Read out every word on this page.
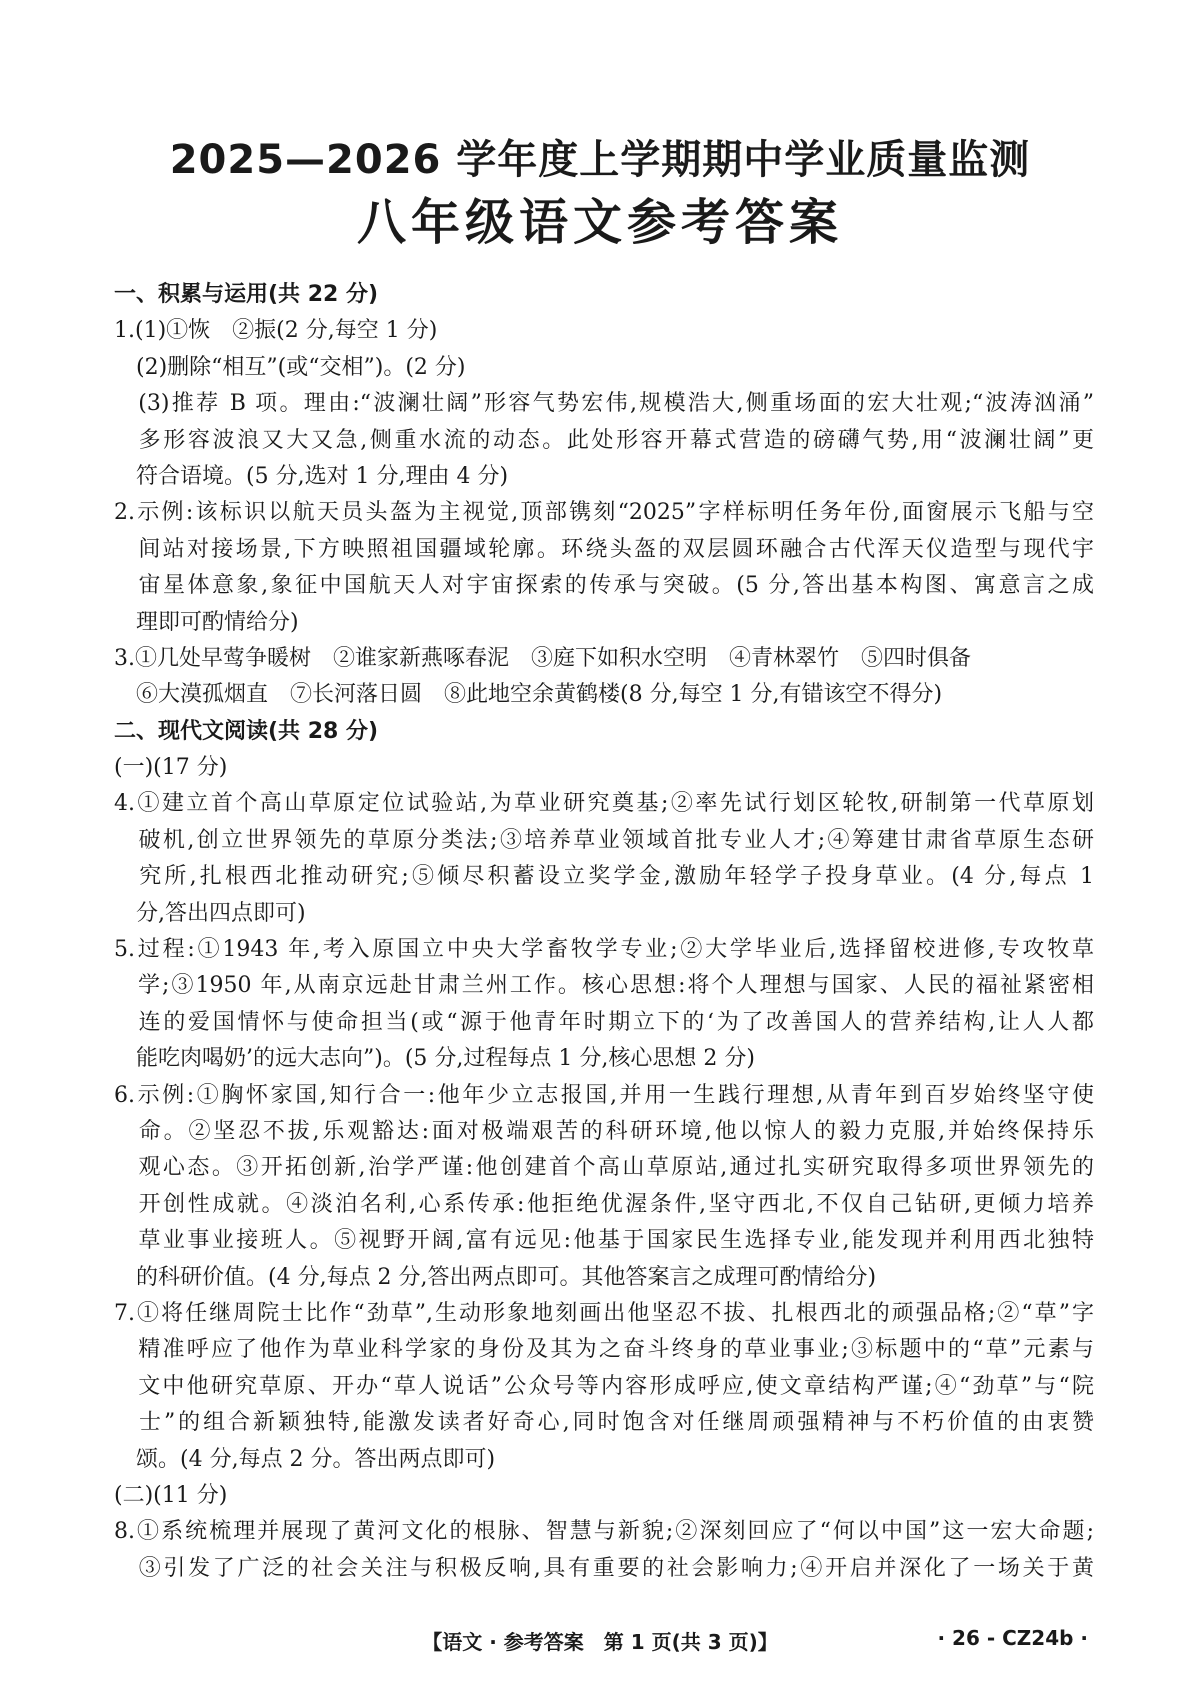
2025—2026 学年度上学期期中学业质量监测
八年级语文参考答案
一、积累与运用(共 22 分)
1.(1)①恢　②振(2 分,每空 1 分)
　(2)删除“相互”(或“交相”)。(2 分)
　(3)推荐 B 项。理由:“波澜壮阔”形容气势宏伟,规模浩大,侧重场面的宏大壮观;“波涛汹涌”
　多形容波浪又大又急,侧重水流的动态。此处形容开幕式营造的磅礴气势,用“波澜壮阔”更
　符合语境。(5 分,选对 1 分,理由 4 分)
2.示例:该标识以航天员头盔为主视觉,顶部镌刻“2025”字样标明任务年份,面窗展示飞船与空
　间站对接场景,下方映照祖国疆域轮廓。环绕头盔的双层圆环融合古代浑天仪造型与现代宇
　宙星体意象,象征中国航天人对宇宙探索的传承与突破。(5 分,答出基本构图、寓意言之成
　理即可酌情给分)
3.①几处早莺争暖树　②谁家新燕啄春泥　③庭下如积水空明　④青林翠竹　⑤四时俱备
　⑥大漠孤烟直　⑦长河落日圆　⑧此地空余黄鹤楼(8 分,每空 1 分,有错该空不得分)
二、现代文阅读(共 28 分)
(一)(17 分)
4.①建立首个高山草原定位试验站,为草业研究奠基;②率先试行划区轮牧,研制第一代草原划
　破机,创立世界领先的草原分类法;③培养草业领域首批专业人才;④筹建甘肃省草原生态研
　究所,扎根西北推动研究;⑤倾尽积蓄设立奖学金,激励年轻学子投身草业。(4 分,每点 1
　分,答出四点即可)
5.过程:①1943 年,考入原国立中央大学畜牧学专业;②大学毕业后,选择留校进修,专攻牧草
　学;③1950 年,从南京远赴甘肃兰州工作。核心思想:将个人理想与国家、人民的福祉紧密相
　连的爱国情怀与使命担当(或“源于他青年时期立下的‘为了改善国人的营养结构,让人人都
　能吃肉喝奶’的远大志向”)。(5 分,过程每点 1 分,核心思想 2 分)
6.示例:①胸怀家国,知行合一:他年少立志报国,并用一生践行理想,从青年到百岁始终坚守使
　命。②坚忍不拔,乐观豁达:面对极端艰苦的科研环境,他以惊人的毅力克服,并始终保持乐
　观心态。③开拓创新,治学严谨:他创建首个高山草原站,通过扎实研究取得多项世界领先的
　开创性成就。④淡泊名利,心系传承:他拒绝优渥条件,坚守西北,不仅自己钻研,更倾力培养
　草业事业接班人。⑤视野开阔,富有远见:他基于国家民生选择专业,能发现并利用西北独特
　的科研价值。(4 分,每点 2 分,答出两点即可。其他答案言之成理可酌情给分)
7.①将任继周院士比作“劲草”,生动形象地刻画出他坚忍不拔、扎根西北的顽强品格;②“草”字
　精准呼应了他作为草业科学家的身份及其为之奋斗终身的草业事业;③标题中的“草”元素与
　文中他研究草原、开办“草人说话”公众号等内容形成呼应,使文章结构严谨;④“劲草”与“院
　士”的组合新颖独特,能激发读者好奇心,同时饱含对任继周顽强精神与不朽价值的由衷赞
　颂。(4 分,每点 2 分。答出两点即可)
(二)(11 分)
8.①系统梳理并展现了黄河文化的根脉、智慧与新貌;②深刻回应了“何以中国”这一宏大命题;
　③引发了广泛的社会关注与积极反响,具有重要的社会影响力;④开启并深化了一场关于黄
【语文 · 参考答案　第 1 页(共 3 页)】	· 26 - CZ24b ·
